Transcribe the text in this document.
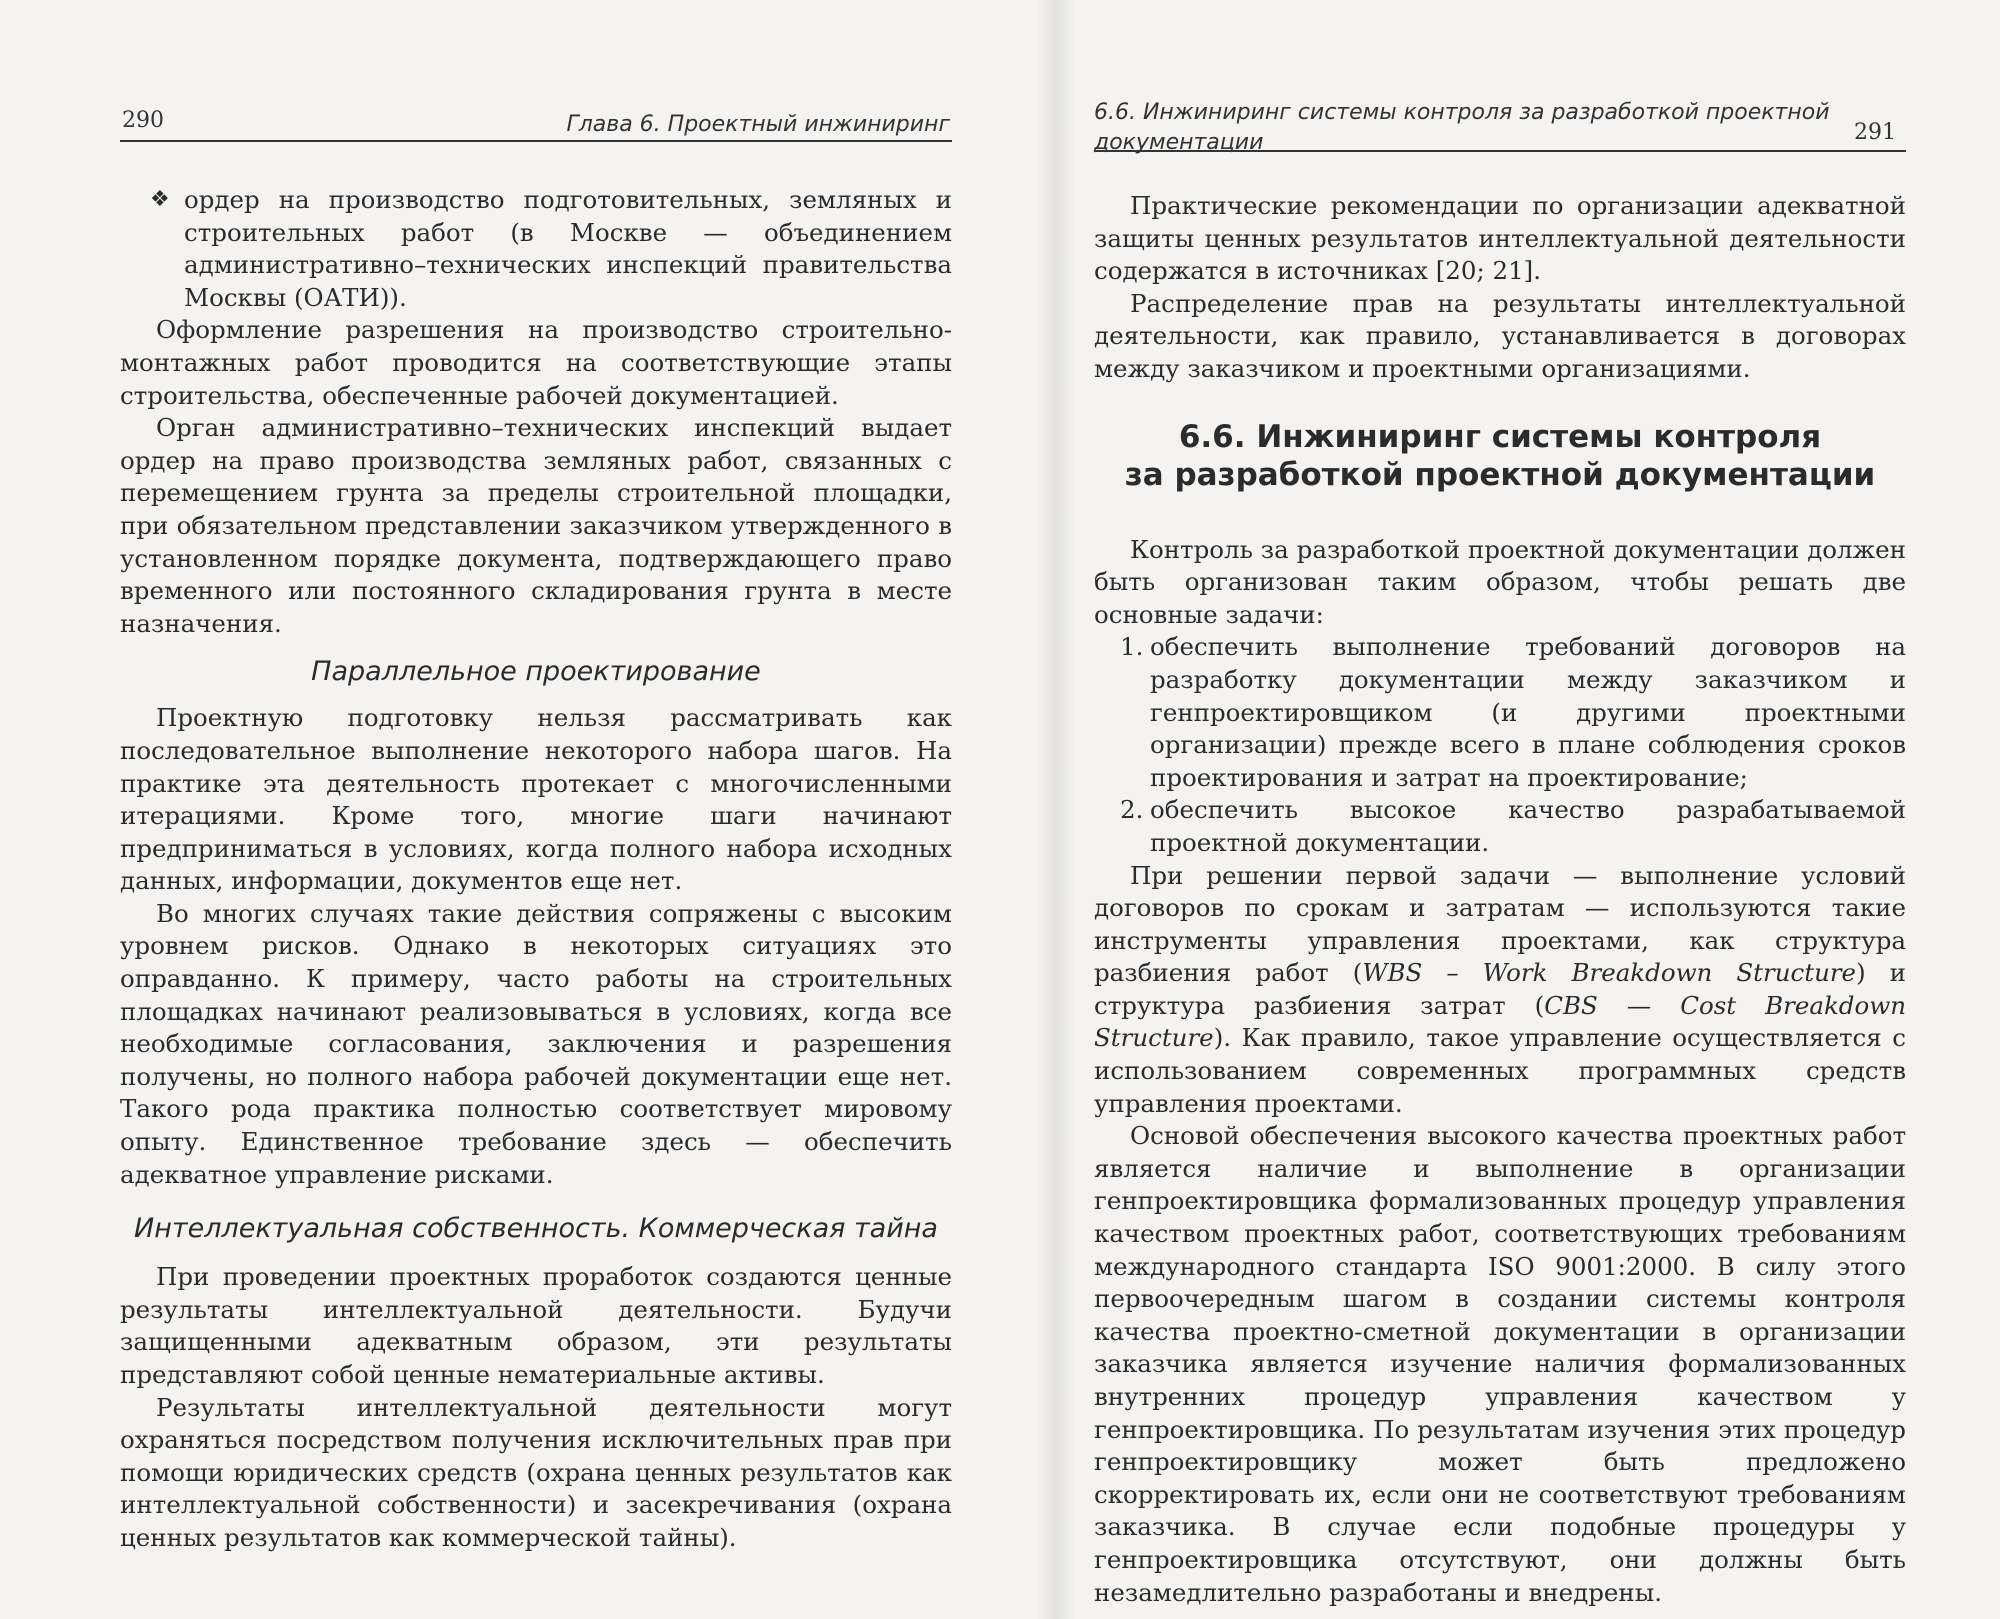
290	Глава 6. Проектный инжиниринг
❖ ордер на производство подготовительных, земляных и строительных работ (в Москве — объединением административно–технических инспекций правительства Москвы (ОАТИ)).

Оформление разрешения на производство строительно-монтажных работ проводится на соответствующие этапы строительства, обеспеченные рабочей документацией.

Орган административно–технических инспекций выдает ордер на право производства земляных работ, связанных с перемещением грунта за пределы строительной площадки, при обязательном представлении заказчиком утвержденного в установленном порядке документа, подтверждающего право временного или постоянного складирования грунта в месте назначения.

Параллельное проектирование

Проектную подготовку нельзя рассматривать как последовательное выполнение некоторого набора шагов. На практике эта деятельность протекает с многочисленными итерациями. Кроме того, многие шаги начинают предприниматься в условиях, когда полного набора исходных данных, информации, документов еще нет.

Во многих случаях такие действия сопряжены с высоким уровнем рисков. Однако в некоторых ситуациях это оправданно. К примеру, часто работы на строительных площадках начинают реализовываться в условиях, когда все необходимые согласования, заключения и разрешения получены, но полного набора рабочей документации еще нет. Такого рода практика полностью соответствует мировому опыту. Единственное требование здесь — обеспечить адекватное управление рисками.

Интеллектуальная собственность. Коммерческая тайна

При проведении проектных проработок создаются ценные результаты интеллектуальной деятельности. Будучи защищенными адекватным образом, эти результаты представляют собой ценные нематериальные активы.

Результаты интеллектуальной деятельности могут охраняться посредством получения исключительных прав при помощи юридических средств (охрана ценных результатов как интеллектуальной собственности) и засекречивания (охрана ценных результатов как коммерческой тайны).

6.6. Инжиниринг системы контроля за разработкой проектной документации	291

Практические рекомендации по организации адекватной защиты ценных результатов интеллектуальной деятельности содержатся в источниках [20; 21].

Распределение прав на результаты интеллектуальной деятельности, как правило, устанавливается в договорах между заказчиком и проектными организациями.

6.6. Инжиниринг системы контроля
за разработкой проектной документации

Контроль за разработкой проектной документации должен быть организован таким образом, чтобы решать две основные задачи:

1. обеспечить выполнение требований договоров на разработку документации между заказчиком и генпроектировщиком (и другими проектными организации) прежде всего в плане соблюдения сроков проектирования и затрат на проектирование;
2. обеспечить высокое качество разрабатываемой проектной документации.

При решении первой задачи — выполнение условий договоров по срокам и затратам — используются такие инструменты управления проектами, как структура разбиения работ (WBS – Work Breakdown Structure) и структура разбиения затрат (CBS — Cost Breakdown Structure). Как правило, такое управление осуществляется с использованием современных программных средств управления проектами.

Основой обеспечения высокого качества проектных работ является наличие и выполнение в организации генпроектировщика формализованных процедур управления качеством проектных работ, соответствующих требованиям международного стандарта ISO 9001:2000. В силу этого первоочередным шагом в создании системы контроля качества проектно-сметной документации в организации заказчика является изучение наличия формализованных внутренних процедур управления качеством у генпроектировщика. По результатам изучения этих процедур генпроектировщику может быть предложено скорректировать их, если они не соответствуют требованиям заказчика. В случае если подобные процедуры у генпроектировщика отсутствуют, они должны быть незамедлительно разработаны и внедрены.
